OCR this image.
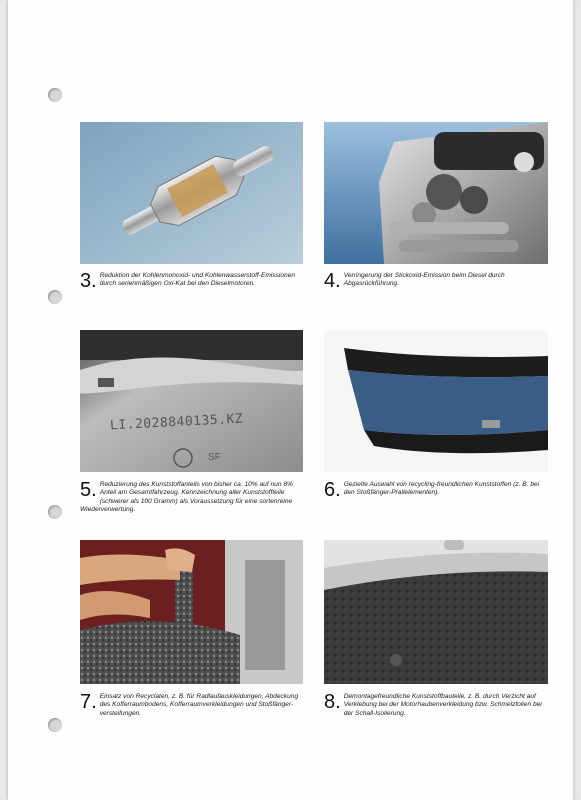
3 .	Reduktion der Kohlenmonoxid- und Kohlenwasserstoff-Emissionen durch serienmäßigen Oxi-Kat bei den Dieselmotoren.	4 .	Verringerung der Stickoxid-Emission beim Diesel durch Abgasrückführung.
LI.2028840135.KZ
SF
5 .	Reduzierung des Kunststoffanteils von bisher ca. 10% auf nun 8% Anteil am Gesamtfahrzeug. Kennzeichnung aller Kunststoffteile (schwerer als 100 Gramm) als Voraussetzung für eine sortenreine Wiederverwertung.
6 .	Gezielte Auswahl von recycling-freundlichen Kunststoffen (z. B. bei den Stoßfänger-Prallelementen).
7 .	Einsatz von Recyclaten, z. B. für Radlaufauskleidungen, Abdeckung des Kofferraumbodens, Kofferraumverkleidungen und Stoßfänger-versteifungen.
8 .	Demontagefreundliche Kunststoffbauteile, z. B. durch Verzicht auf Verklebung bei der Motorhaubenverkleidung bzw. Schmelzfolien bei der Schall-Isolierung.
